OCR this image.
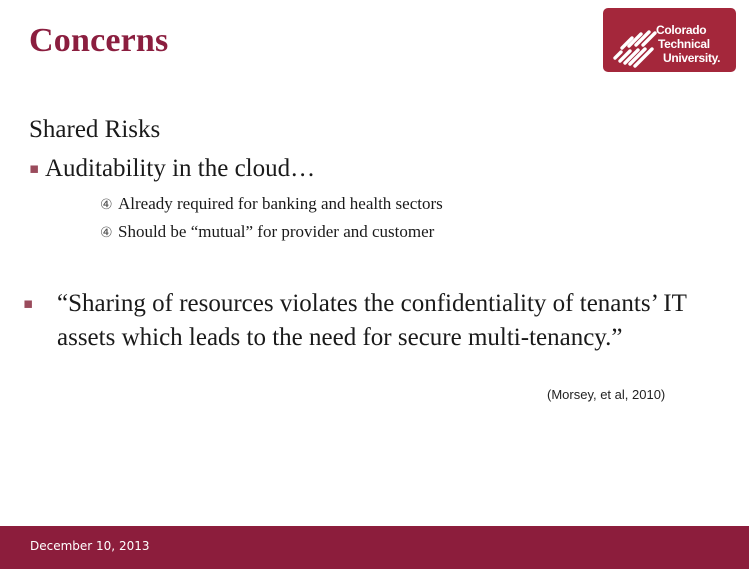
Concerns	Colorado
Technical
University.
Shared Risks
▪ Auditability in the cloud…
④ Already required for banking and health sectors
④ Should be “mutual” for provider and customer
▪ “Sharing of resources violates the confidentiality of tenants’ IT assets which leads to the need for secure multi-tenancy.”
(Morsey, et al, 2010)
December 10, 2013
